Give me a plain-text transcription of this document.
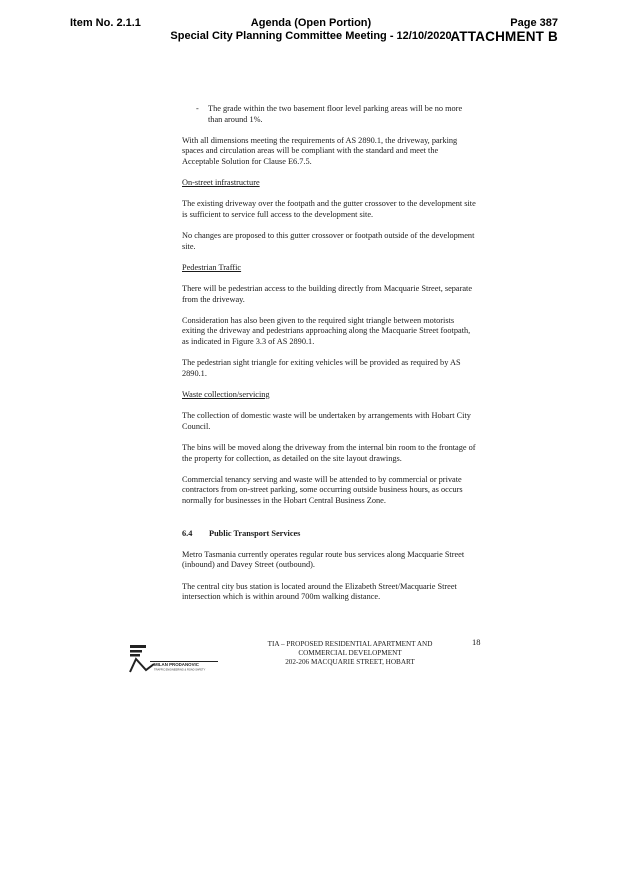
Item No. 2.1.1	Agenda (Open Portion)
Special City Planning Committee Meeting - 12/10/2020
Page 387
ATTACHMENT B
-	The grade within the two basement floor level parking areas will be no more than around 1%.

With all dimensions meeting the requirements of AS 2890.1, the driveway, parking spaces and circulation areas will be compliant with the standard and meet the Acceptable Solution for Clause E6.7.5.

On-street infrastructure

The existing driveway over the footpath and the gutter crossover to the development site is sufficient to service full access to the development site.

No changes are proposed to this gutter crossover or footpath outside of the development site.

Pedestrian Traffic

There will be pedestrian access to the building directly from Macquarie Street, separate from the driveway.

Consideration has also been given to the required sight triangle between motorists exiting the driveway and pedestrians approaching along the Macquarie Street footpath, as indicated in Figure 3.3 of AS 2890.1.

The pedestrian sight triangle for exiting vehicles will be provided as required by AS 2890.1.

Waste collection/servicing

The collection of domestic waste will be undertaken by arrangements with Hobart City Council.

The bins will be moved along the driveway from the internal bin room to the frontage of the property for collection, as detailed on the site layout drawings.

Commercial tenancy serving and waste will be attended to by commercial or private contractors from on-street parking, some occurring outside business hours, as occurs normally for businesses in the Hobart Central Business Zone.

6.4	Public Transport Services

Metro Tasmania currently operates regular route bus services along Macquarie Street (inbound) and Davey Street (outbound).

The central city bus station is located around the Elizabeth Street/Macquarie Street intersection which is within around 700m walking distance.

MILAN PRODANOVIC
TRAFFIC ENGINEERING & ROAD SAFETY
TIA – PROPOSED RESIDENTIAL APARTMENT AND
COMMERCIAL DEVELOPMENT
202-206 MACQUARIE STREET, HOBART
18
